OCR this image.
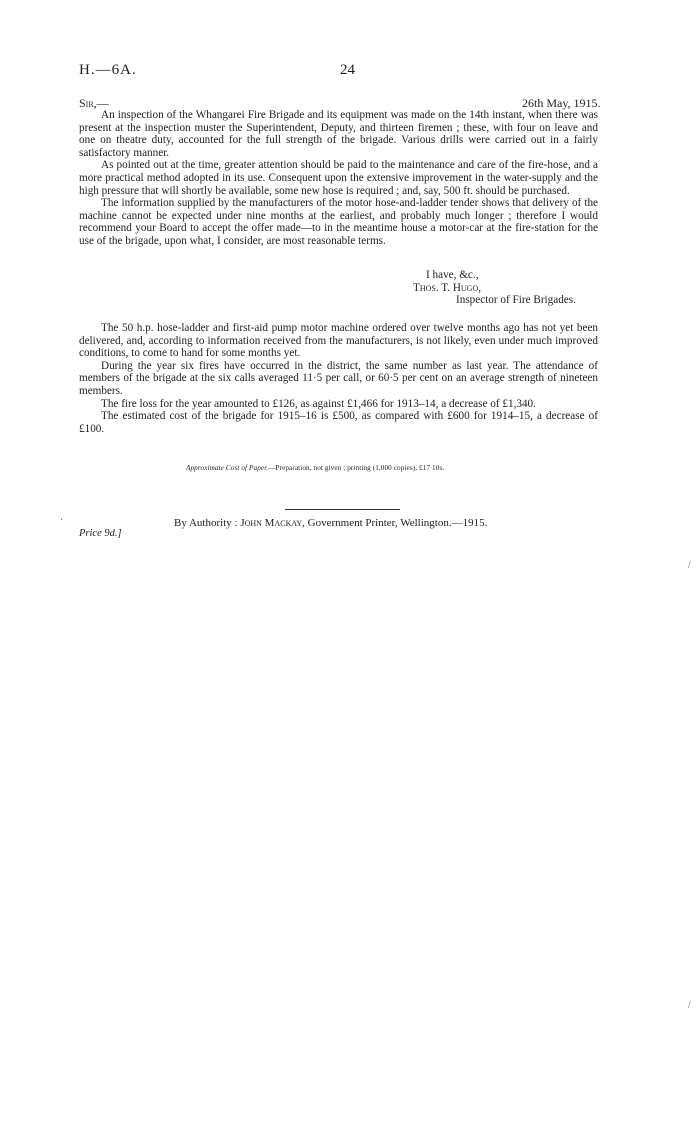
H.—6A.	24
Sir,—	26th May, 1915.

An inspection of the Whangarei Fire Brigade and its equipment was made on the 14th instant, when there was present at the inspection muster the Superintendent, Deputy, and thirteen firemen ; these, with four on leave and one on theatre duty, accounted for the full strength of the brigade. Various drills were carried out in a fairly satisfactory manner.

As pointed out at the time, greater attention should be paid to the maintenance and care of the fire-hose, and a more practical method adopted in its use. Consequent upon the extensive improvement in the water-supply and the high pressure that will shortly be available, some new hose is required ; and, say, 500 ft. should be purchased.

The information supplied by the manufacturers of the motor hose-and-ladder tender shows that delivery of the machine cannot be expected under nine months at the earliest, and probably much longer ; therefore I would recommend your Board to accept the offer made—to in the meantime house a motor-car at the fire-station for the use of the brigade, upon what, I consider, are most reasonable terms.

I have, &c.,
Thos. T. Hugo,
Inspector of Fire Brigades.

The 50 h.p. hose-ladder and first-aid pump motor machine ordered over twelve months ago has not yet been delivered, and, according to information received from the manufacturers, is not likely, even under much improved conditions, to come to hand for some months yet.

During the year six fires have occurred in the district, the same number as last year. The attendance of members of the brigade at the six calls averaged 11·5 per call, or 60·5 per cent on an average strength of nineteen members.

The fire loss for the year amounted to £126, as against £1,466 for 1913–14, a decrease of £1,340.

The estimated cost of the brigade for 1915–16 is £500, as compared with £600 for 1914–15, a decrease of £100.

Approximate Cost of Paper.—Preparation, not given ; printing (1,000 copies), £17 10s.
By Authority : John Mackay, Government Printer, Wellington.—1915.
Price 9d.]
·
/
/
